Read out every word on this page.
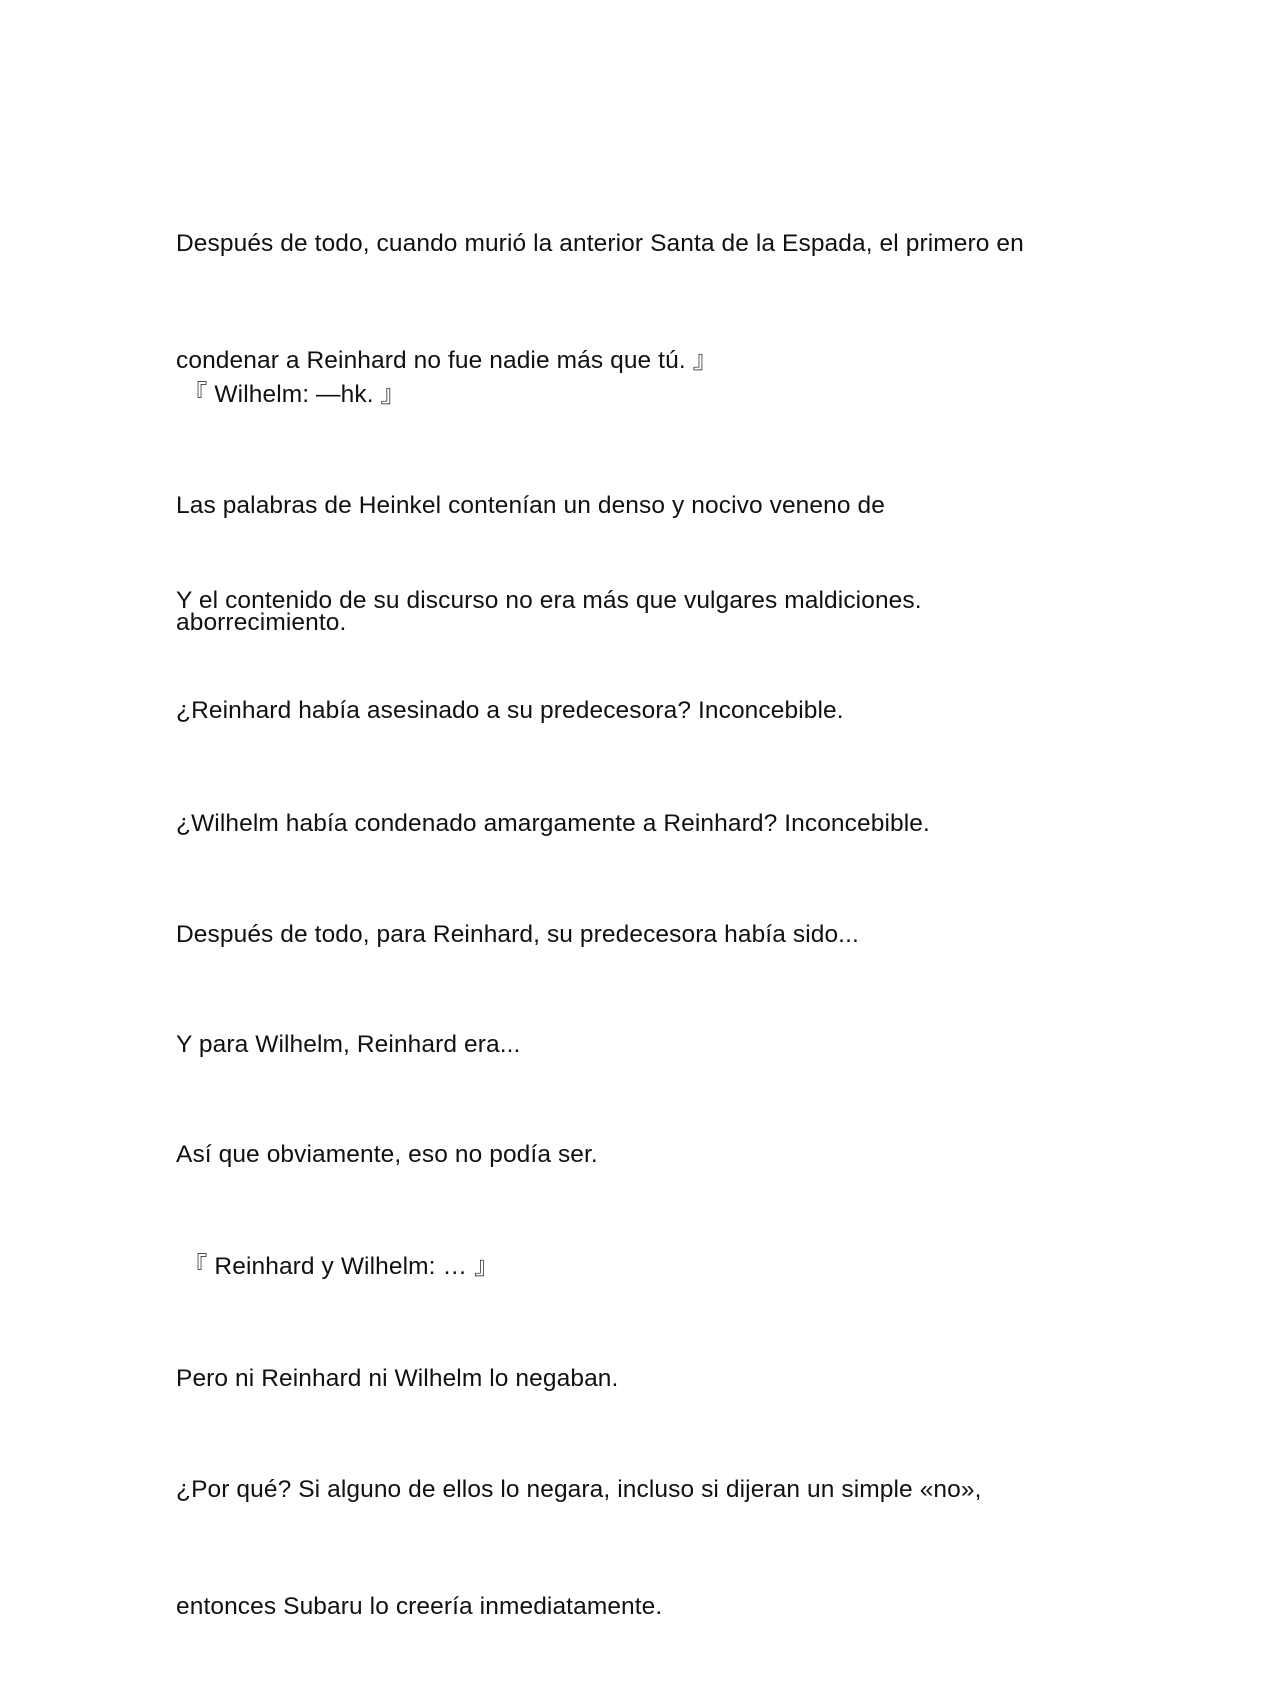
Después de todo, cuando murió la anterior Santa de la Espada, el primero en

condenar a Reinhard no fue nadie más que tú. 』

『 Wilhelm: —hk. 』

Las palabras de Heinkel contenían un denso y nocivo veneno de

aborrecimiento.

Y el contenido de su discurso no era más que vulgares maldiciones.

¿Reinhard había asesinado a su predecesora? Inconcebible.

¿Wilhelm había condenado amargamente a Reinhard? Inconcebible.

Después de todo, para Reinhard, su predecesora había sido...

Y para Wilhelm, Reinhard era...

Así que obviamente, eso no podía ser.

『 Reinhard y Wilhelm: … 』

Pero ni Reinhard ni Wilhelm lo negaban.

¿Por qué? Si alguno de ellos lo negara, incluso si dijeran un simple «no»,

entonces Subaru lo creería inmediatamente.
